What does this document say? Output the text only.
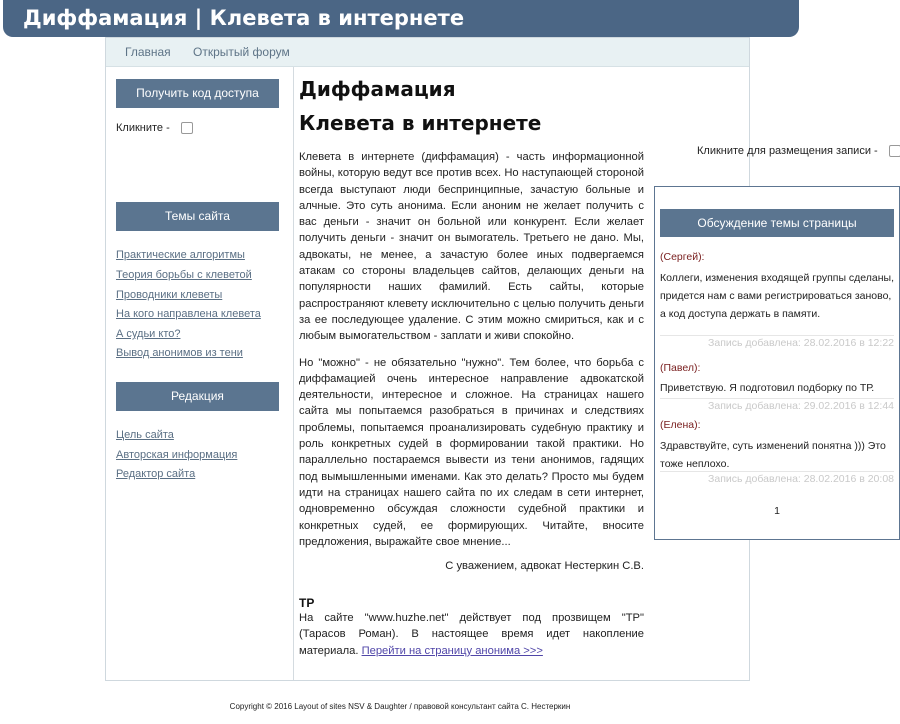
Диффамация | Клевета в интернете
Главная Открытый форум
Получить код доступа
Кликните -
Темы сайта
Практические алгоритмы
Теория борьбы с клеветой
Проводники клеветы
На кого направлена клевета
А судьи кто?
Вывод анонимов из тени
Редакция
Цель сайта
Авторская информация
Редактор сайта
Диффамация
Клевета в интернете

Клевета в интернете (диффамация) - часть информационной войны, которую ведут все против всех. Но наступающей стороной всегда выступают люди беспринципные, зачастую больные и алчные. Это суть анонима. Если аноним не желает получить с вас деньги - значит он больной или конкурент. Если желает получить деньги - значит он вымогатель. Третьего не дано. Мы, адвокаты, не менее, а зачастую более иных подвергаемся атакам со стороны владельцев сайтов, делающих деньги на популярности наших фамилий. Есть сайты, которые распространяют клевету исключительно с целью получить деньги за ее последующее удаление. С этим можно смириться, как и с любым вымогательством - заплати и живи спокойно.

Но "можно" - не обязательно "нужно". Тем более, что борьба с диффамацией очень интересное направление адвокатской деятельности, интересное и сложное. На страницах нашего сайта мы попытаемся разобраться в причинах и следствиях проблемы, попытаемся проанализировать судебную практику и роль конкретных судей в формировании такой практики. Но параллельно постараемся вывести из тени анонимов, гадящих под вымышленными именами. Как это делать? Просто мы будем идти на страницах нашего сайта по их следам в сети интернет, одновременно обсуждая сложности судебной практики и конкретных судей, ее формирующих. Читайте, вносите предложения, выражайте свое мнение...

С уважением, адвокат Нестеркин С.В.
ТР

На сайте "www.huzhe.net" действует под прозвищем "ТР" (Тарасов Роман). В настоящее время идет накопление материала. Перейти на страницу анонима >>>

Кликните для размещения записи -
Обсуждение темы страницы
(Сергей):
Коллеги, изменения входящей группы сделаны, придется нам с вами регистрироваться заново, а код доступа держать в памяти.
Запись добавлена: 28.02.2016 в 12:22
(Павел):
Приветствую. Я подготовил подборку по ТР.
Запись добавлена: 29.02.2016 в 12:44
(Елена):
Здравствуйте, суть изменений понятна ))) Это тоже неплохо.
Запись добавлена: 28.02.2016 в 20:08
1
Copyright © 2016 Layout of sites NSV & Daughter / правовой консультант сайта С. Нестеркин
